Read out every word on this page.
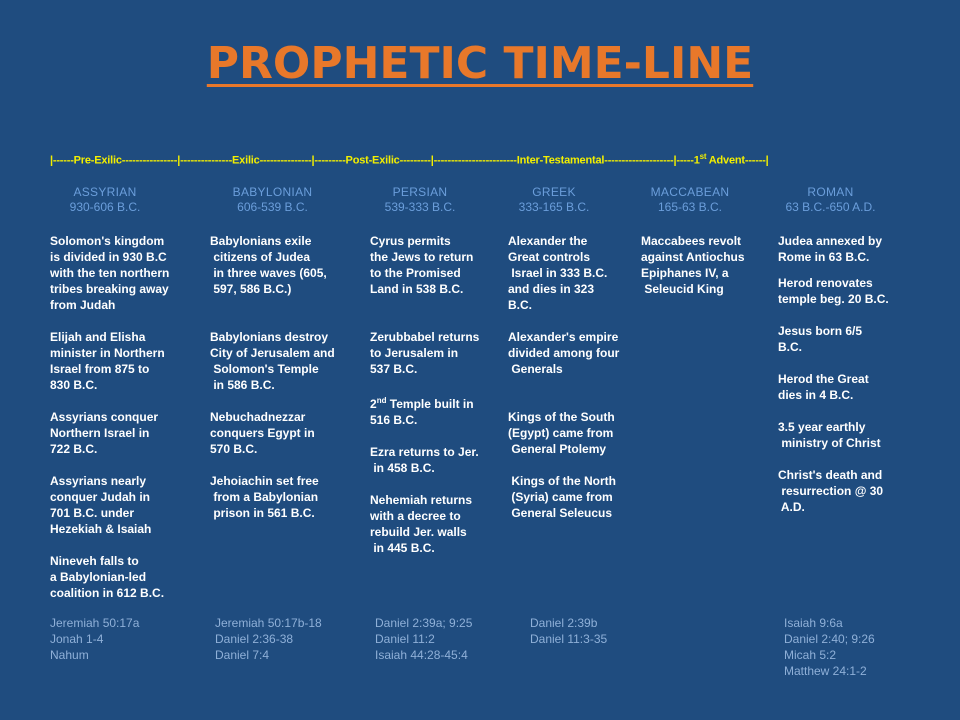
PROPHETIC TIME-LINE
|------Pre-Exilic----------------|---------------Exilic---------------|---------Post-Exilic---------|------------------------Inter-Testamental--------------------|-----1st Advent------|
ASSYRIAN
930-606 B.C.
Solomon's kingdom
is divided in 930 B.C
with the ten northern
tribes breaking away
from Judah
Elijah and Elisha
minister in Northern
Israel from 875 to
830 B.C.
Assyrians conquer
Northern Israel in
722 B.C.
Assyrians nearly
conquer Judah in
701 B.C. under
Hezekiah & Isaiah
Nineveh falls to
a Babylonian-led
coalition in 612 B.C.
BABYLONIAN
606-539 B.C.
Babylonians exile
citizens of Judea
in three waves (605,
597, 586 B.C.)
Babylonians destroy
City of Jerusalem and
Solomon's Temple
in 586 B.C.
Nebuchadnezzar
conquers Egypt in
570 B.C.
Jehoiachin set free
from a Babylonian
prison in 561 B.C.
PERSIAN
539-333 B.C.
Cyrus permits
the Jews to return
to the Promised
Land in 538 B.C.
Zerubbabel returns
to Jerusalem in
537 B.C.
2nd Temple built in
516 B.C.
Ezra returns to Jer.
in 458 B.C.
Nehemiah returns
with a decree to
rebuild Jer. walls
in 445 B.C.
GREEK
333-165 B.C.
Alexander the
Great controls
Israel in 333 B.C.
and dies in 323
B.C.
Alexander's empire
divided among four
Generals
Kings of the South
(Egypt) came from
General Ptolemy
Kings of the North
(Syria) came from
General Seleucus
MACCABEAN
165-63 B.C.
Maccabees revolt
against Antiochus
Epiphanes IV, a
Seleucid King
ROMAN
63 B.C.-650 A.D.
Judea annexed by
Rome in 63 B.C.
Herod renovates
temple beg. 20 B.C.
Jesus born 6/5
B.C.
Herod the Great
dies in 4 B.C.
3.5 year earthly
ministry of Christ
Christ's death and
resurrection @ 30
A.D.
Jeremiah 50:17a
Jonah 1-4
Nahum
Jeremiah 50:17b-18
Daniel 2:36-38
Daniel 7:4
Daniel 2:39a; 9:25
Daniel 11:2
Isaiah 44:28-45:4
Daniel 2:39b
Daniel 11:3-35
Isaiah 9:6a
Daniel 2:40; 9:26
Micah 5:2
Matthew 24:1-2
